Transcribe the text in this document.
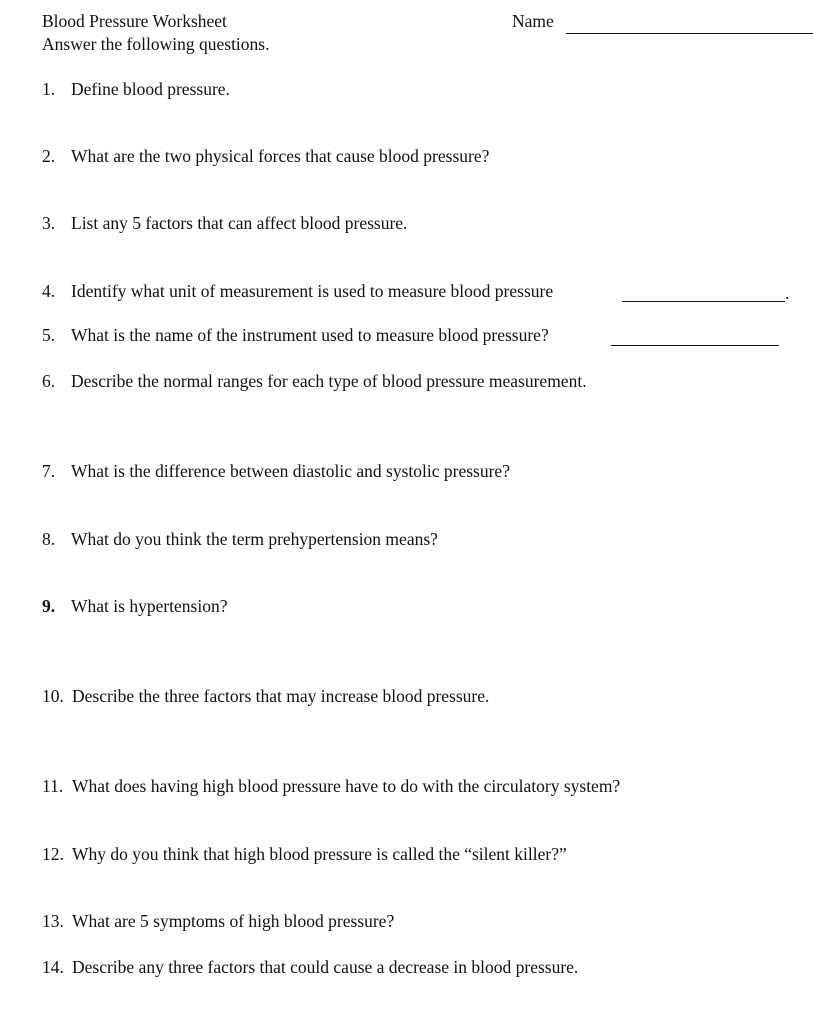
Blood Pressure Worksheet
Answer the following questions.
Name
1. Define blood pressure.
2. What are the two physical forces that cause blood pressure?
3. List any 5 factors that can affect blood pressure.
4. Identify what unit of measurement is used to measure blood pressure	.
5. What is the name of the instrument used to measure blood pressure?
6. Describe the normal ranges for each type of blood pressure measurement.
7. What is the difference between diastolic and systolic pressure?
8. What do you think the term prehypertension means?
9. What is hypertension?
10. Describe the three factors that may increase blood pressure.
11. What does having high blood pressure have to do with the circulatory system?
12. Why do you think that high blood pressure is called the “silent killer?”
13. What are 5 symptoms of high blood pressure?
14. Describe any three factors that could cause a decrease in blood pressure.
